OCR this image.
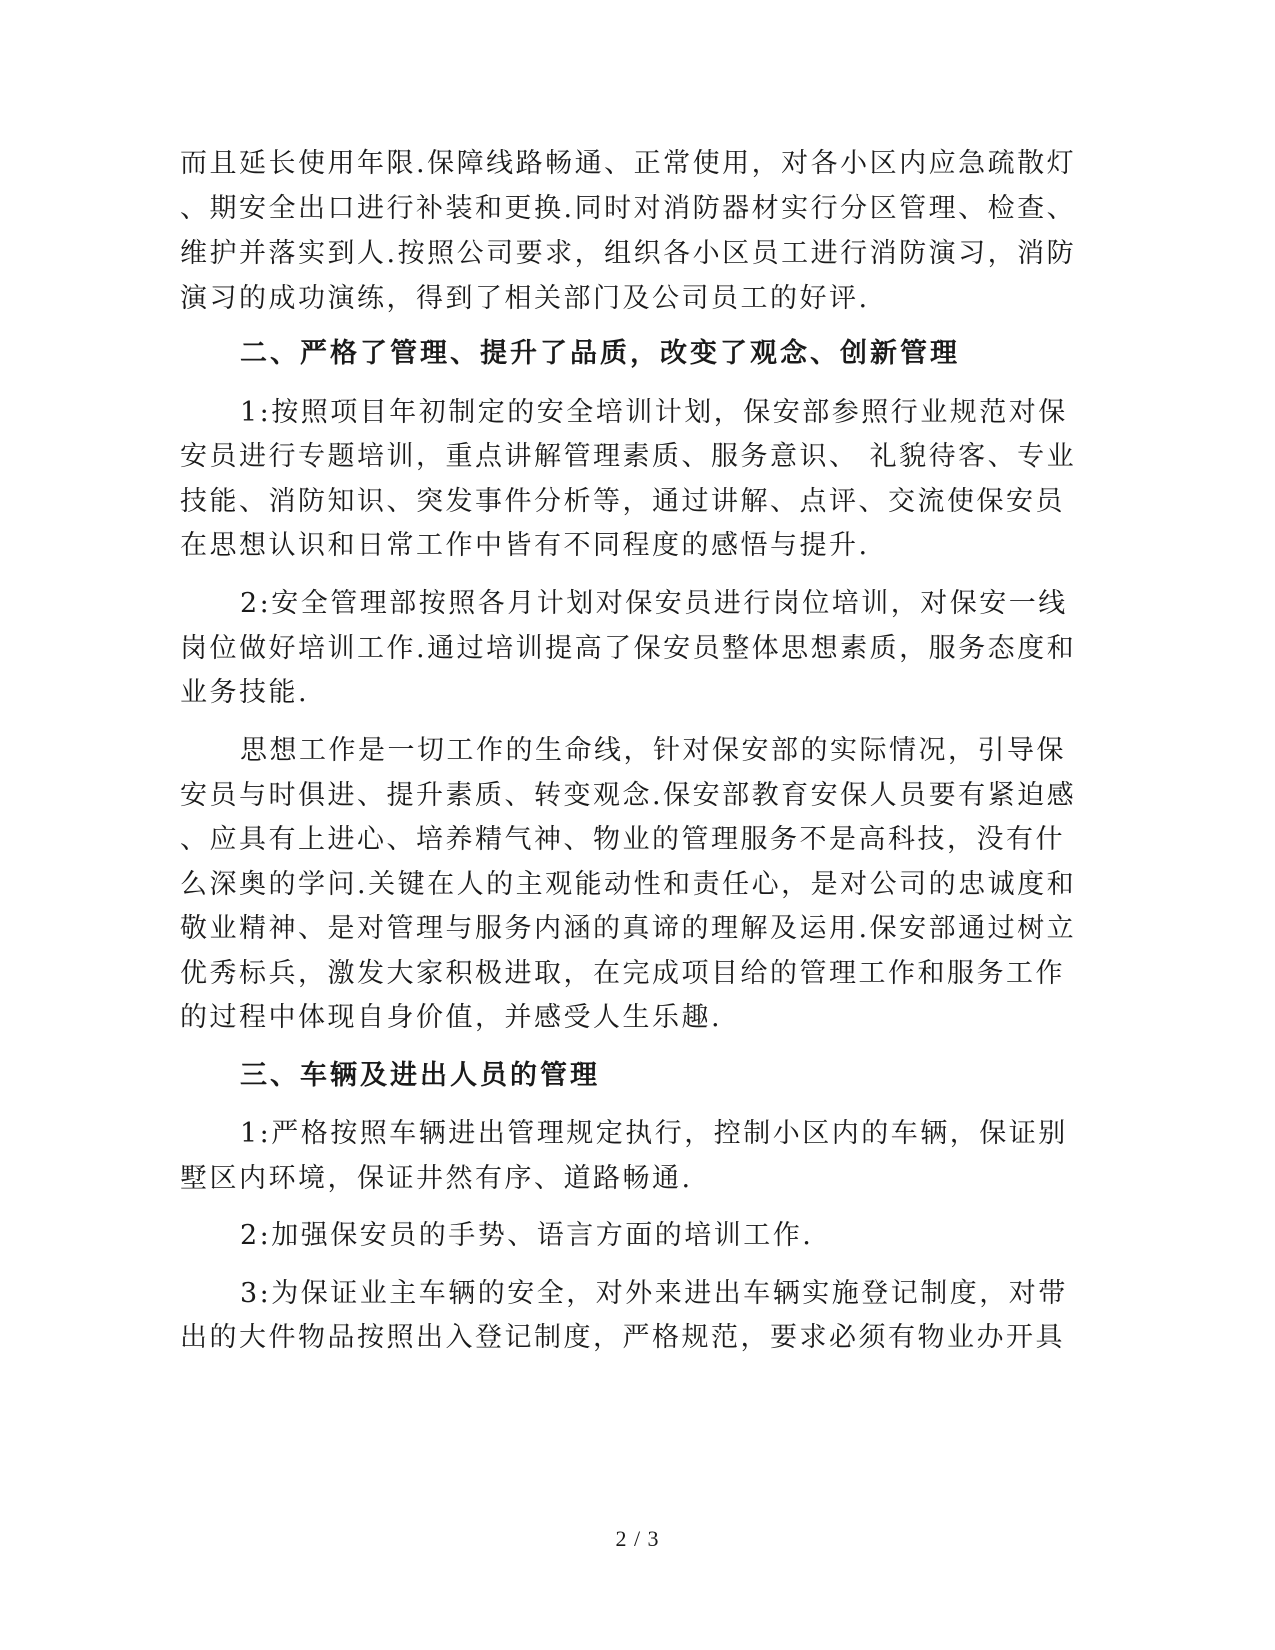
而且延长使用年限.保障线路畅通、正常使用，对各小区内应急疏散灯
、期安全出口进行补装和更换.同时对消防器材实行分区管理、检查、
维护并落实到人.按照公司要求，组织各小区员工进行消防演习，消防
演习的成功演练，得到了相关部门及公司员工的好评.
二、严格了管理、提升了品质，改变了观念、创新管理
1:按照项目年初制定的安全培训计划，保安部参照行业规范对保
安员进行专题培训，重点讲解管理素质、服务意识、 礼貌待客、专业
技能、消防知识、突发事件分析等，通过讲解、点评、交流使保安员
在思想认识和日常工作中皆有不同程度的感悟与提升.
2:安全管理部按照各月计划对保安员进行岗位培训，对保安一线
岗位做好培训工作.通过培训提高了保安员整体思想素质，服务态度和
业务技能.
思想工作是一切工作的生命线，针对保安部的实际情况，引导保
安员与时俱进、提升素质、转变观念.保安部教育安保人员要有紧迫感
、应具有上进心、培养精气神、物业的管理服务不是高科技，没有什
么深奥的学问.关键在人的主观能动性和责任心，是对公司的忠诚度和
敬业精神、是对管理与服务内涵的真谛的理解及运用.保安部通过树立
优秀标兵，激发大家积极进取，在完成项目给的管理工作和服务工作
的过程中体现自身价值，并感受人生乐趣.
三、车辆及进出人员的管理
1:严格按照车辆进出管理规定执行，控制小区内的车辆，保证别
墅区内环境，保证井然有序、道路畅通.
2:加强保安员的手势、语言方面的培训工作.
3:为保证业主车辆的安全，对外来进出车辆实施登记制度，对带
出的大件物品按照出入登记制度，严格规范，要求必须有物业办开具
2 / 3
